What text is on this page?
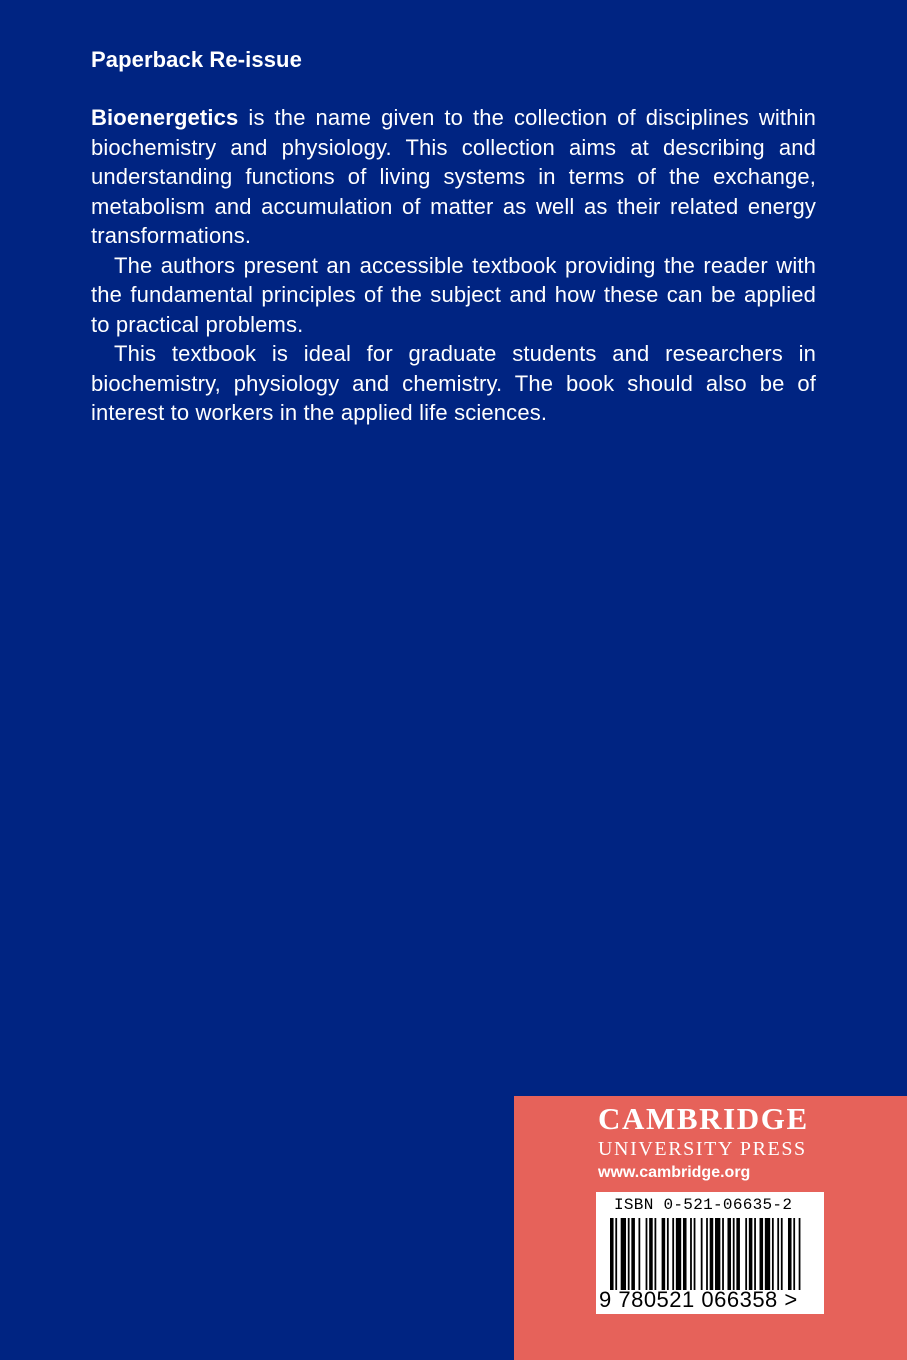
Paperback Re-issue

Bioenergetics is the name given to the collection of disciplines within biochemistry and physiology. This collection aims at describing and understanding functions of living systems in terms of the exchange, metabolism and accumulation of matter as well as their related energy transformations.

The authors present an accessible textbook providing the reader with the fundamental principles of the subject and how these can be applied to practical problems.

This textbook is ideal for graduate students and researchers in biochemistry, physiology and chemistry. The book should also be of interest to workers in the applied life sciences.

CAMBRIDGE
UNIVERSITY PRESS
www.cambridge.org
ISBN 0-521-06635-2
9 780521 066358 >
